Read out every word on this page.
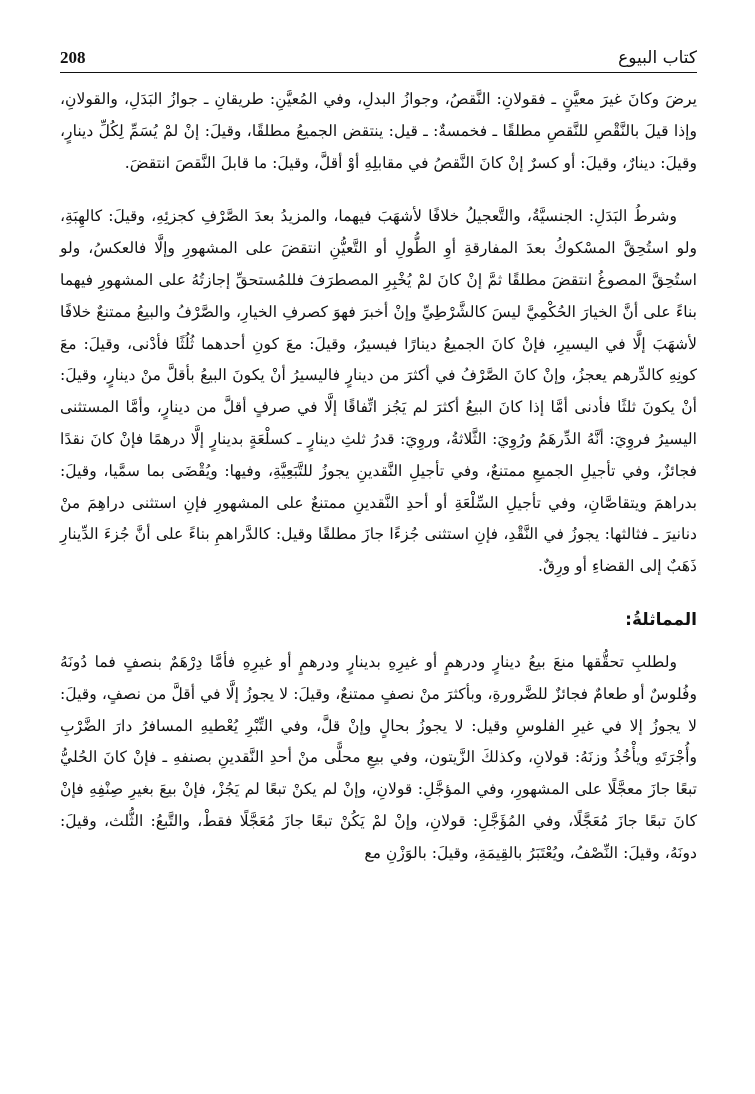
208	كتاب البيوع

يرضَ وكانَ غيرَ معيَّنٍ ـ فقولانِ: النَّقصُ، وجوازُ البدلِ، وفي المُعيَّنِ: طريقانِ ـ جوازُ البَدَلِ، والقولانِ، وإذا قيلَ بالنَّقْصِ للنَّقصِ مطلقًا ـ فخمسةٌ: ـ قيل: ينتقض الجميعُ مطلقًا، وقيلَ: إنْ لمْ يُسَمِّ لِكُلِّ دينارٍ، وقيلَ: دينارٌ، وقيلَ: أو كسرٌ إنْ كانَ النَّقصُ في مقابلِهِ أوْ أقلَّ، وقيلَ: ما قابلَ النَّقصَ انتقضَ.

وشرطُ البَدَلِ: الجنسيَّةُ، والتَّعجيلُ خلافًا لأشهَبَ فيهما، والمزيدُ بعدَ الصَّرْفِ كجزئِهِ، وقيلَ: كالهِبَةِ، ولو استُحِقَّ المسْكوكُ بعدَ المفارقةِ أوِ الطُّولِ أو التَّعيُّنِ انتقضَ على المشهورِ وإلَّا فالعكسُ، ولو استُحِقَّ المصوغُ انتقضَ مطلقًا ثمَّ إنْ كانَ لمْ يُخْبِرِ المصطرَفَ فللمُستحقِّ إجازتُهُ على المشهورِ فيهما بناءً على أنَّ الخيارَ الحُكْمِيَّ ليسَ كالشَّرْطِيِّ وإنْ أخبرَ فهوَ كصرفِ الخيارِ، والصَّرْفُ والبيعُ ممتنعٌ خلافًا لأشهَبَ إلَّا في اليسيرِ، فإنْ كانَ الجميعُ دينارًا فيسيرٌ، وقيلَ: معَ كونِ أحدهما ثُلُثًا فأدْنى، وقيلَ: معَ كونِهِ كالدِّرهم يعجزُ، وإنْ كانَ الصَّرْفُ في أكثرَ من دينارٍ فاليسيرُ أنْ يكونَ البيعُ بأقلَّ منْ دينارٍ، وقيلَ: أنْ يكونَ ثلثًا فأدنى أمَّا إذا كانَ البيعُ أكثرَ لم يَجُز اتِّفاقًا إلَّا في صرفٍ أقلَّ من دينارٍ، وأمَّا المستثنى اليسيرُ فروِيَ: أنَّهُ الدِّرهَمُ ورُوِيَ: الثَّلاثةُ، وروِيَ: قدرُ ثلثِ دينارٍ ـ كسلْعَةٍ بدينارٍ إلَّا درهمًا فإنْ كانَ نقدًا فجائزٌ، وفي تأجيلِ الجميعِ ممتنعٌ، وفي تأجيلِ النَّقدينِ يجوزُ للتَّبَعِيَّةِ، وفيها: ويُقْضَى بما سمَّيا، وقيلَ: بدراهمَ ويتقاصَّانِ، وفي تأجيلِ السِّلْعَةِ أو أحدِ النَّقدينِ ممتنعٌ على المشهورِ فإنِ استثنى دراهِمَ منْ دنانيرَ ـ فثالثها: يجوزُ في النَّقْدِ، فإنِ استثنى جُزءًا جازَ مطلقًا وقيل: كالدَّراهمِ بناءً على أنَّ جُزءَ الدِّينارِ ذَهَبٌ إلى القضاءِ أو ورِقٌ.

المماثلةُ:

ولطلبِ تحقُّقها منعَ بيعُ دينارٍ ودرهمٍ أو غيرِهِ بدينارٍ ودرهمٍ أو غيرِهِ فأمَّا دِرْهَمٌ بنصفٍ فما دُونَهُ وفُلوسٌ أو طعامٌ فجائزٌ للضَّرورةِ، وبأكثرَ منْ نصفٍ ممتنعٌ، وقيلَ: لا يجوزُ إلَّا في أقلَّ من نصفٍ، وقيلَ: لا يجوزُ إلا في غيرِ الفلوسِ وقيل: لا يجوزُ بحالٍ وإنْ قلَّ، وفي التِّبْرِ يُعْطيهِ المسافرُ دارَ الضَّرْبِ وأُجْرَتَهِ ويأْخُذُ وزنَهُ: قولانِ، وكذلكَ الزَّيتون، وفي بيعِ محلًّى منْ أحدِ النَّقدينِ بصنفهِ ـ فإنْ كانَ الحُليُّ تبعًا جازَ معجَّلًا على المشهورِ، وفي المؤجَّلِ: قولانِ، وإنْ لم يكنْ تبعًا لم يَجُزْ، فإنْ بيعَ بغيرِ صِنْفِهِ فإنْ كانَ تبعًا جازَ مُعَجَّلًا، وفي المُؤَجَّلِ: قولانِ، وإنْ لمْ يَكُنْ تبعًا جازَ مُعَجَّلًا فقطْ، والتَّبعُ: الثُّلث، وقيلَ: دونَهُ، وقيلَ: النِّصْفُ، ويُعْتَبَرُ بالقِيمَةِ، وقيلَ: بالوَزْنِ مع
